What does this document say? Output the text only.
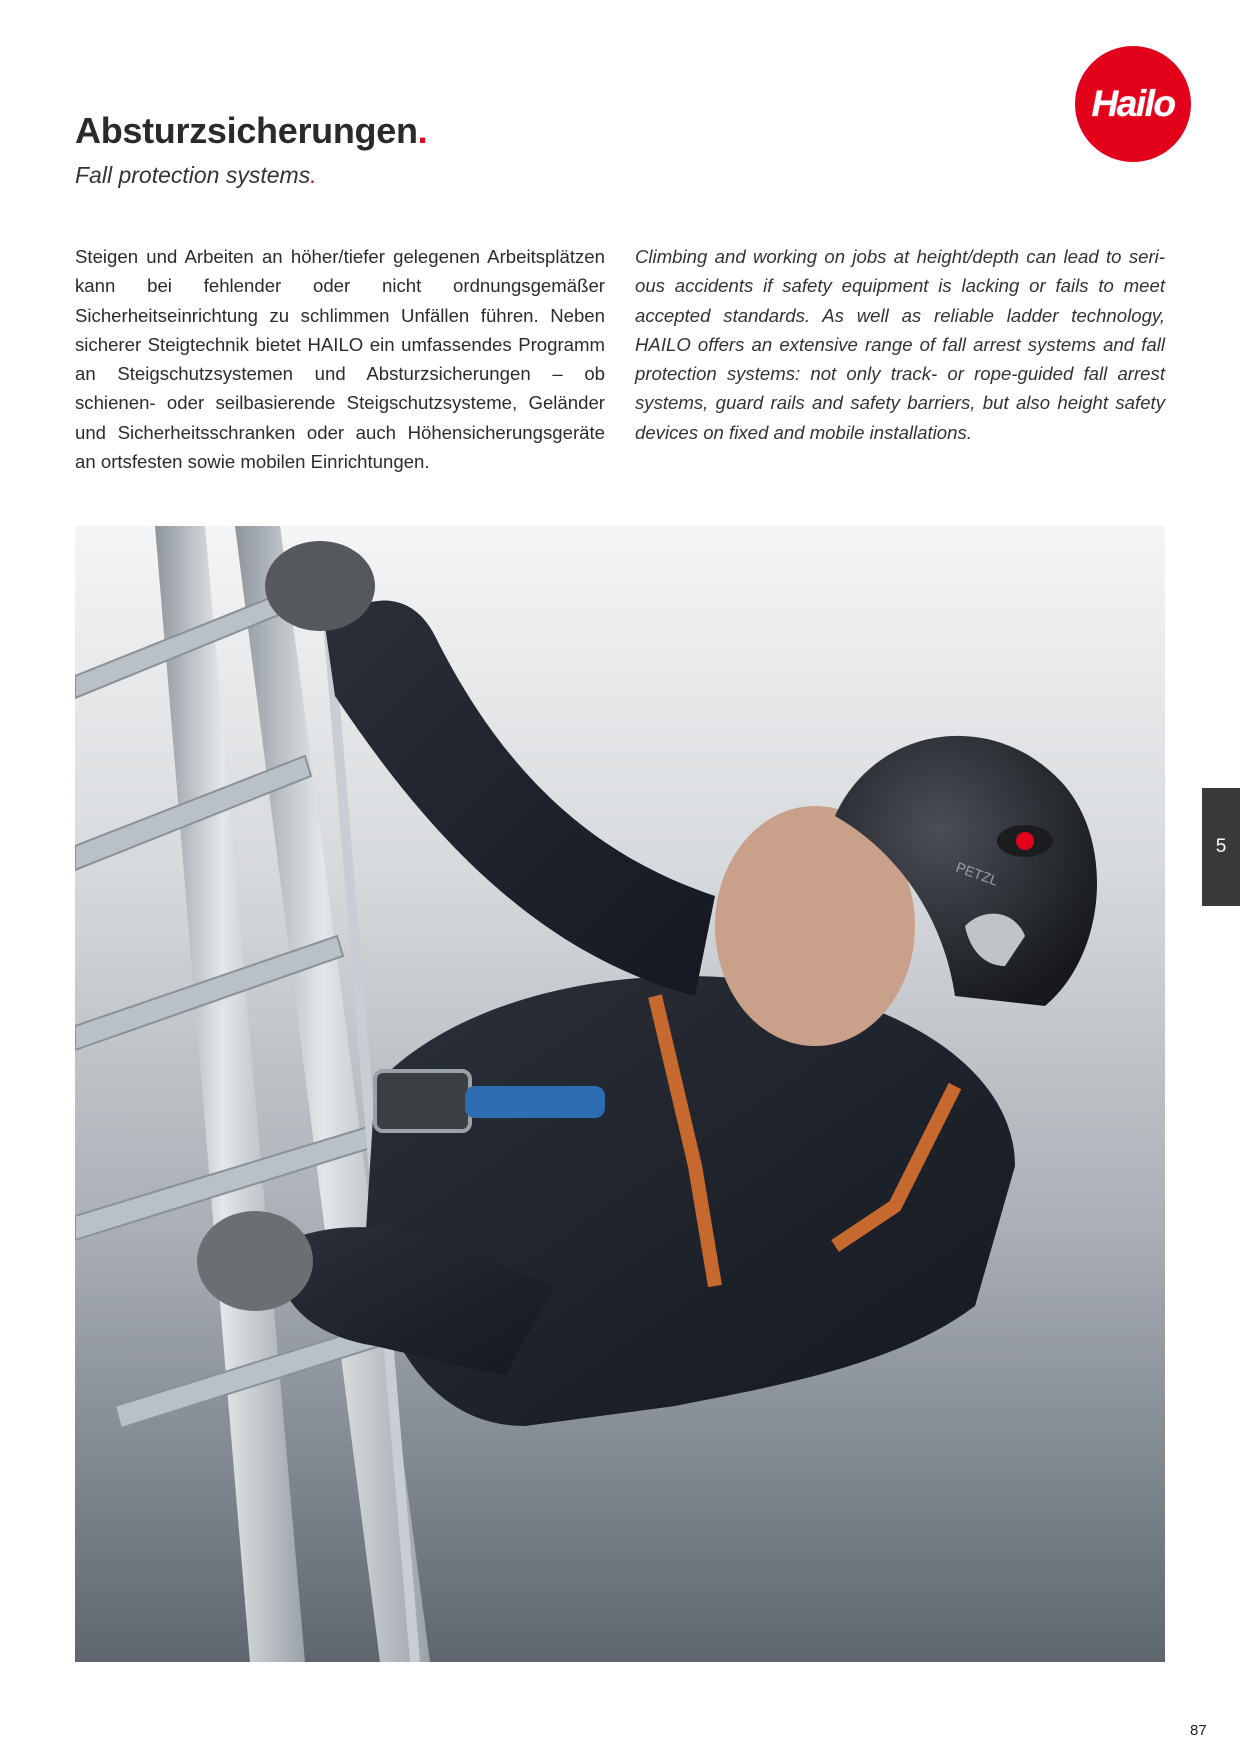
Absturzsicherungen.
Fall protection systems.
Hailo

Steigen und Arbeiten an höher/tiefer gelegenen Arbeitsplätzen kann bei fehlender oder nicht ordnungsgemäßer Sicherheitseinrichtung zu schlimmen Unfällen führen. Neben sicherer Steigtechnik bietet HAILO ein umfassendes Programm an Steigschutzsystemen und Absturzsicherungen – ob schienen- oder seilbasierende Steigschutzsysteme, Geländer und Sicherheitsschranken oder auch Höhensicherungsgeräte an ortsfesten sowie mobilen Einrichtungen.

Climbing and working on jobs at height/depth can lead to serious accidents if safety equipment is lacking or fails to meet accepted standards. As well as reliable ladder technology, HAILO offers an extensive range of fall arrest systems and fall protection systems: not only track- or rope-guided fall arrest systems, guard rails and safety barriers, but also height safety devices on fixed and mobile installations.

PETZL
5
87
